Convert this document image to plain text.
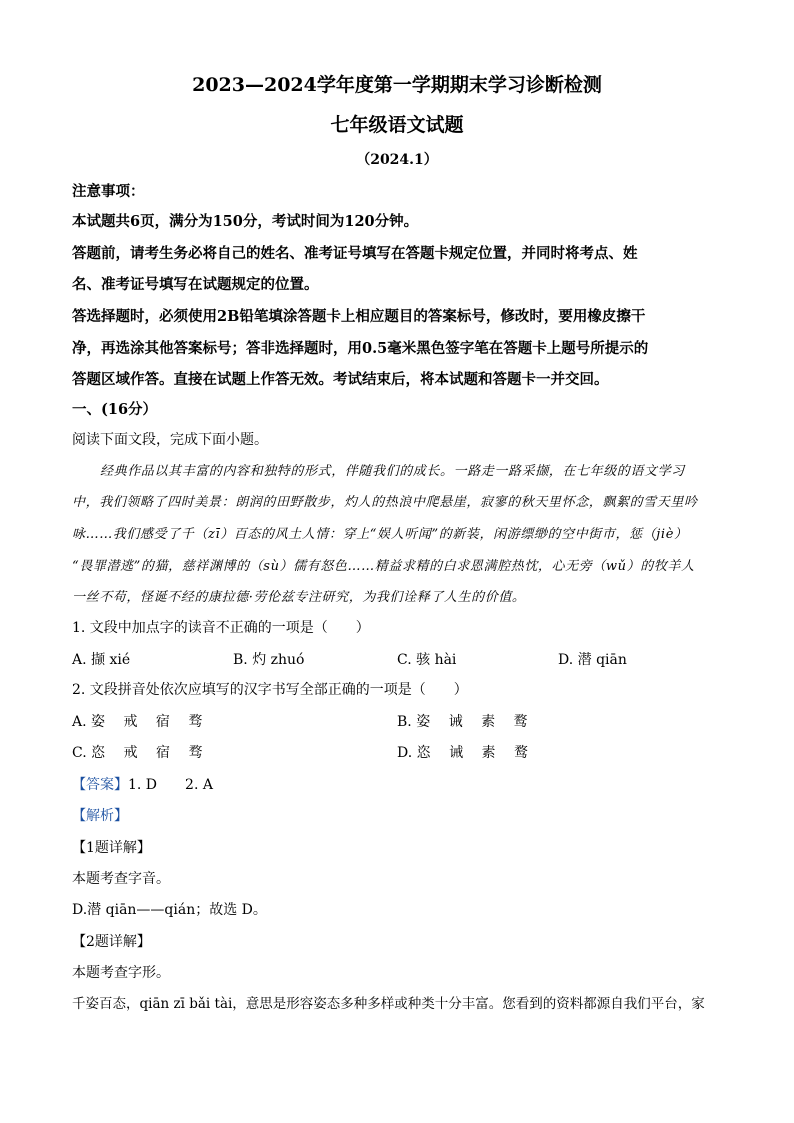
2023—2024学年度第一学期期末学习诊断检测
七年级语文试题
（2024.1）
注意事项：
本试题共6页，满分为150分，考试时间为120分钟。
答题前，请考生务必将自己的姓名、准考证号填写在答题卡规定位置，并同时将考点、姓
名、准考证号填写在试题规定的位置。
答选择题时，必须使用2B铅笔填涂答题卡上相应题目的答案标号，修改时，要用橡皮擦干
净，再选涂其他答案标号；答非选择题时，用0.5毫米黑色签字笔在答题卡上题号所提示的
答题区域作答。直接在试题上作答无效。考试结束后，将本试题和答题卡一并交回。
一、(16分）
阅读下面文段，完成下面小题。
经典作品以其丰富的内容和独特的形式，伴随我们的成长。一路走一路采撷，在七年级的语文学习
中，我们领略了四时美景：朗润的田野散步，灼人的热浪中爬悬崖，寂寥的秋天里怀念，飘絮的雪天里吟
咏……我们感受了千（zī）百态的风土人情：穿上“娱人听闻”的新装，闲游缥缈的空中街市，惩（jiè）
“畏罪潜逃”的猫，慈祥渊博的（sù）儒有怒色……精益求精的白求恩满腔热忱，心无旁（wǔ）的牧羊人
一丝不苟，怪诞不经的康拉德·劳伦兹专注研究，为我们诠释了人生的价值。
1. 文段中加点字的读音不正确的一项是（　　）
A. 撷 xié	B. 灼 zhuó	C. 骇 hài	D. 潜 qiān
2. 文段拼音处依次应填写的汉字书写全部正确的一项是（　　）
A. 姿　 戒　 宿　 骛	B. 姿　 诫　 素　 鹜
C. 恣　 戒　 宿　 骛	D. 恣　 诫　 素　 鹜
【答案】1. D　　2. A
【解析】
【1题详解】
本题考查字音。
D.潜 qiān——qián；故选 D。
【2题详解】
本题考查字形。
千姿百态，qiān zī bǎi tài，意思是形容姿态多种多样或种类十分丰富。您看到的资料都源自我们平台，家
